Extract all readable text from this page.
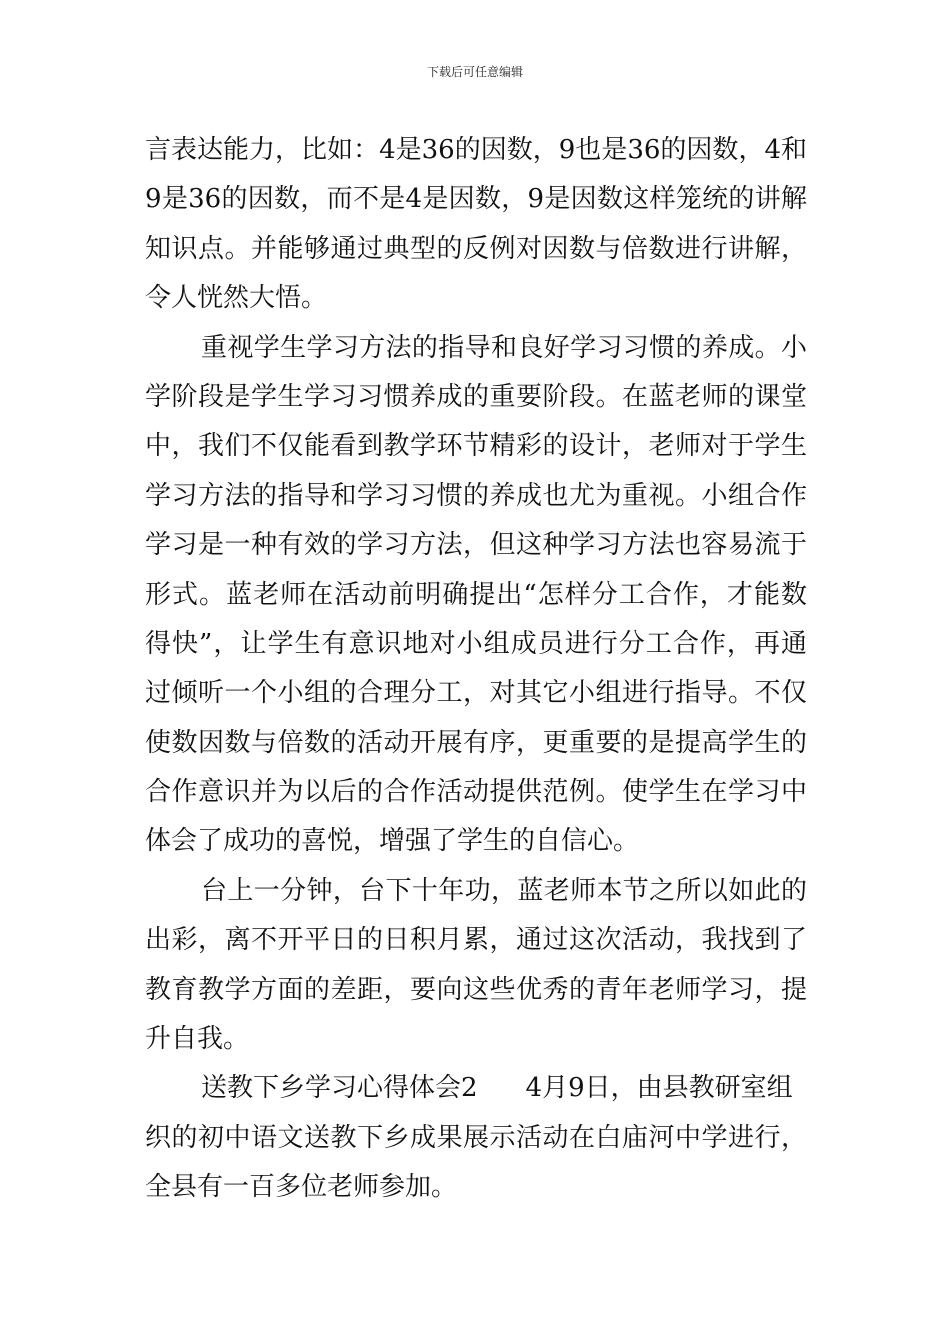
下载后可任意编辑
言表达能力，比如：4是36的因数，9也是36的因数，4和
9是36的因数，而不是4是因数，9是因数这样笼统的讲解
知识点。并能够通过典型的反例对因数与倍数进行讲解，
令人恍然大悟。
重视学生学习方法的指导和良好学习习惯的养成。小
学阶段是学生学习习惯养成的重要阶段。在蓝老师的课堂
中，我们不仅能看到教学环节精彩的设计，老师对于学生
学习方法的指导和学习习惯的养成也尤为重视。小组合作
学习是一种有效的学习方法，但这种学习方法也容易流于
形式。蓝老师在活动前明确提出“怎样分工合作，才能数
得快”，让学生有意识地对小组成员进行分工合作，再通
过倾听一个小组的合理分工，对其它小组进行指导。不仅
使数因数与倍数的活动开展有序，更重要的是提高学生的
合作意识并为以后的合作活动提供范例。使学生在学习中
体会了成功的喜悦，增强了学生的自信心。
台上一分钟，台下十年功，蓝老师本节之所以如此的
出彩，离不开平日的日积月累，通过这次活动，我找到了
教育教学方面的差距，要向这些优秀的青年老师学习，提
升自我。
送教下乡学习心得体会2 4月9日，由县教研室组
织的初中语文送教下乡成果展示活动在白庙河中学进行，
全县有一百多位老师参加。
